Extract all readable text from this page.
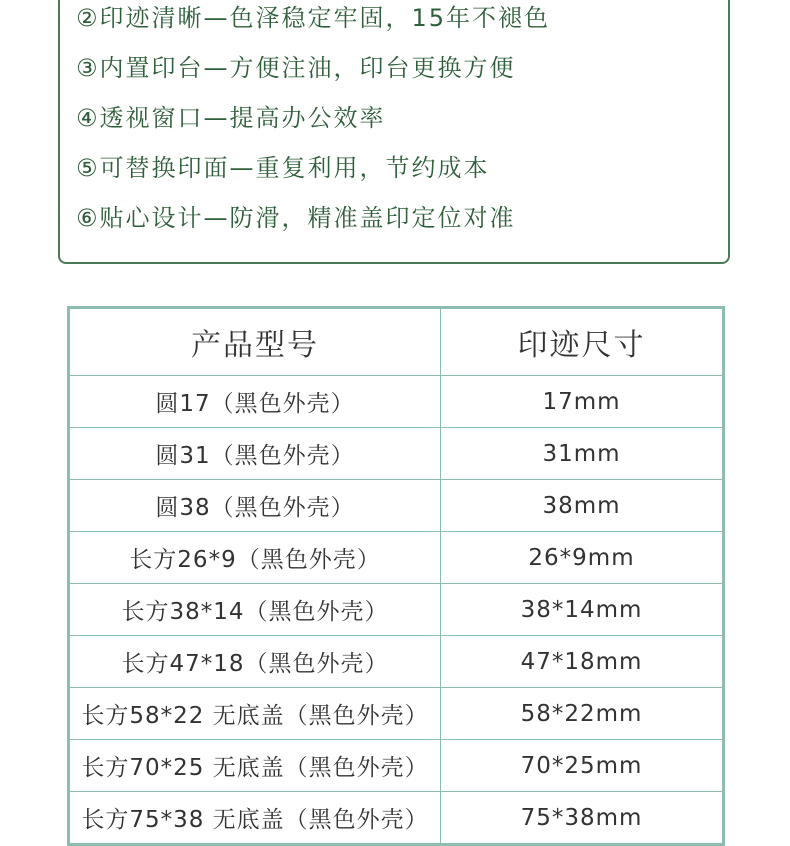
②印迹清晰—色泽稳定牢固，15年不褪色
③内置印台—方便注油，印台更换方便
④透视窗口—提高办公效率
⑤可替换印面—重复利用，节约成本
⑥贴心设计—防滑，精准盖印定位对准
产品型号	印迹尺寸
圆17（黑色外壳）	17mm
圆31（黑色外壳）	31mm
圆38（黑色外壳）	38mm
长方26*9（黑色外壳）	26*9mm
长方38*14（黑色外壳）	38*14mm
长方47*18（黑色外壳）	47*18mm
长方58*22 无底盖（黑色外壳）	58*22mm
长方70*25 无底盖（黑色外壳）	70*25mm
长方75*38 无底盖（黑色外壳）	75*38mm
